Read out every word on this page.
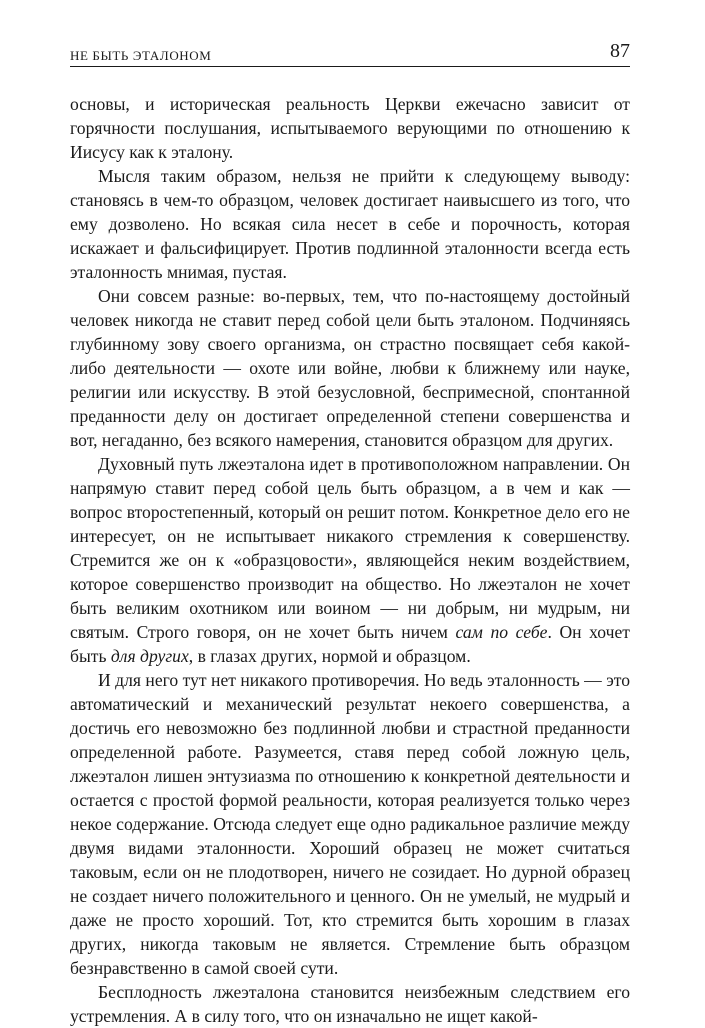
НЕ БЫТЬ ЭТАЛОНОМ	87

основы, и историческая реальность Церкви ежечасно зависит от горячности послушания, испытываемого верующими по отношению к Иисусу как к эталону.

Мысля таким образом, нельзя не прийти к следующему выводу: становясь в чем-то образцом, человек достигает наивысшего из того, что ему дозволено. Но всякая сила несет в себе и порочность, которая искажает и фальсифицирует. Против подлинной эталонности всегда есть эталонность мнимая, пустая.

Они совсем разные: во-первых, тем, что по-настоящему достойный человек никогда не ставит перед собой цели быть эталоном. Подчиняясь глубинному зову своего организма, он страстно посвящает себя какой-либо деятельности — охоте или войне, любви к ближнему или науке, религии или искусству. В этой безусловной, беспримесной, спонтанной преданности делу он достигает определенной степени совершенства и вот, негаданно, без всякого намерения, становится образцом для других.

Духовный путь лжеэталона идет в противоположном направлении. Он напрямую ставит перед собой цель быть образцом, а в чем и как — вопрос второстепенный, который он решит потом. Конкретное дело его не интересует, он не испытывает никакого стремления к совершенству. Стремится же он к «образцовости», являющейся неким воздействием, которое совершенство производит на общество. Но лжеэталон не хочет быть великим охотником или воином — ни добрым, ни мудрым, ни святым. Строго говоря, он не хочет быть ничем сам по себе. Он хочет быть для других, в глазах других, нормой и образцом.

И для него тут нет никакого противоречия. Но ведь эталонность — это автоматический и механический результат некоего совершенства, а достичь его невозможно без подлинной любви и страстной преданности определенной работе. Разумеется, ставя перед собой ложную цель, лжеэталон лишен энтузиазма по отношению к конкретной деятельности и остается с простой формой реальности, которая реализуется только через некое содержание. Отсюда следует еще одно радикальное различие между двумя видами эталонности. Хороший образец не может считаться таковым, если он не плодотворен, ничего не созидает. Но дурной образец не создает ничего положительного и ценного. Он не умелый, не мудрый и даже не просто хороший. Тот, кто стремится быть хорошим в глазах других, никогда таковым не является. Стремление быть образцом безнравственно в самой своей сути.

Бесплодность лжеэталона становится неизбежным следствием его устремления. А в силу того, что он изначально не ищет какой-
